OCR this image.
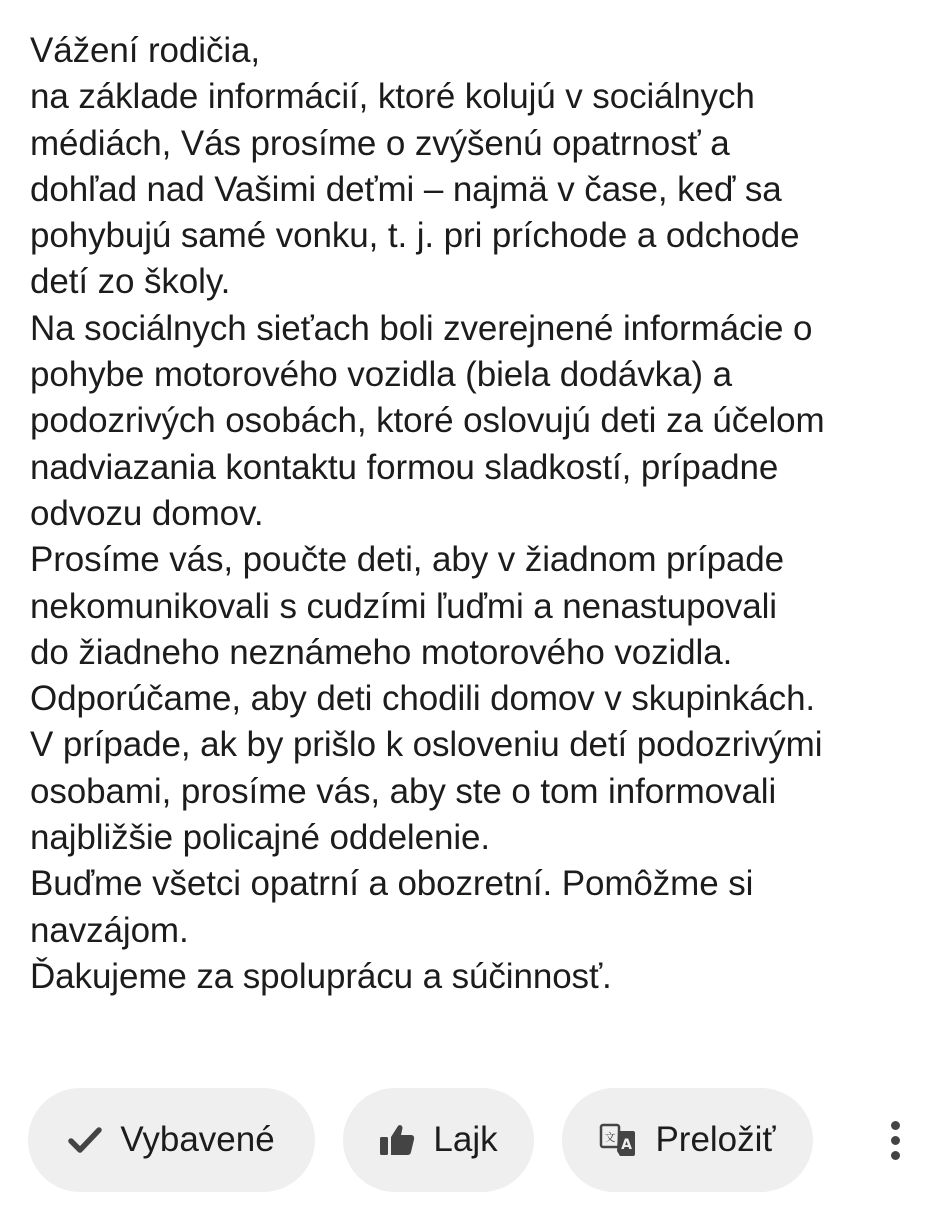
Vážení rodičia,
na základe informácií, ktoré kolujú v sociálnych
médiách, Vás prosíme o zvýšenú opatrnosť a
dohľad nad Vašimi deťmi – najmä v čase, keď sa
pohybujú samé vonku, t. j. pri príchode a odchode
detí zo školy.
Na sociálnych sieťach boli zverejnené informácie o
pohybe motorového vozidla (biela dodávka) a
podozrivých osobách, ktoré oslovujú deti za účelom
nadviazania kontaktu formou sladkostí, prípadne
odvozu domov.
Prosíme vás, poučte deti, aby v žiadnom prípade
nekomunikovali s cudzími ľuďmi a nenastupovali
do žiadneho neznámeho motorového vozidla.
Odporúčame, aby deti chodili domov v skupinkách.
V prípade, ak by prišlo k osloveniu detí podozrivými
osobami, prosíme vás, aby ste o tom informovali
najbližšie policajné oddelenie.
Buďme všetci opatrní a obozretní. Pomôžme si
navzájom.
Ďakujeme za spoluprácu a súčinnosť.
Vybavené	Lajk	文 A Preložiť
